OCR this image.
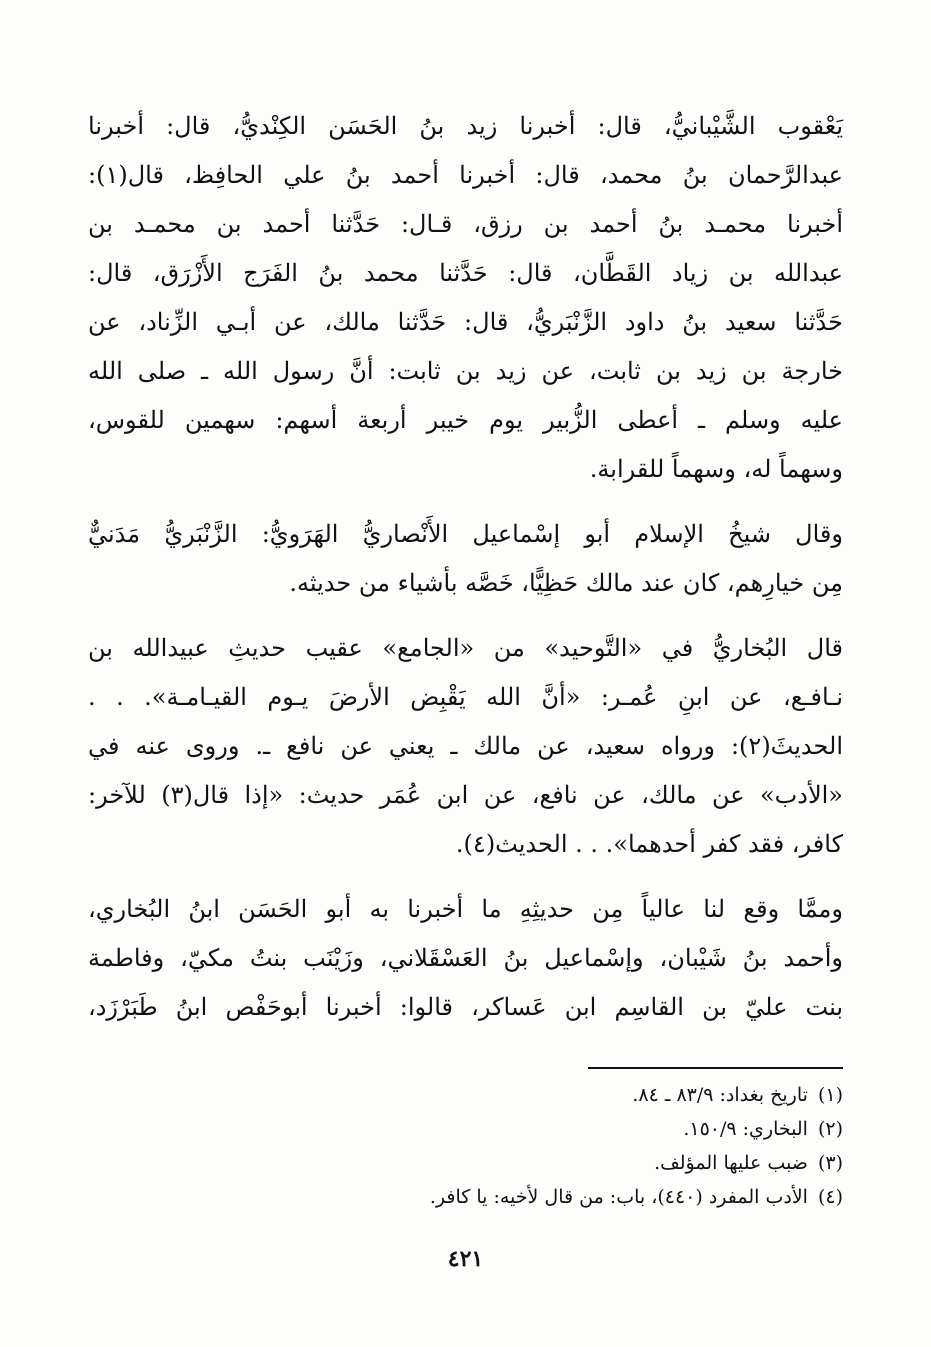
يَعْقوب الشَّيْبانيُّ، قال: أخبرنا زيد بنُ الحَسَن الكِنْديُّ، قال: أخبرنا
عبدالرَّحمان بنُ محمد، قال: أخبرنا أحمد بنُ علي الحافِظ، قال(١):
أخبرنا محمـد بنُ أحمد بن رزق، قـال: حَدَّثنا أحمد بن محمـد بن
عبدالله بن زياد القَطَّان، قال: حَدَّثنا محمد بنُ الفَرَج الأَزْرَق، قال:
حَدَّثنا سعيد بنُ داود الزَّنْبَريُّ، قال: حَدَّثنا مالك، عن أبـي الزِّناد، عن
خارجة بن زيد بن ثابت، عن زيد بن ثابت: أنَّ رسول الله ـ صلى الله
عليه وسلم ـ أعطى الزُّبير يوم خيبر أربعة أسهم: سهمين للقوس،
وسهماً له، وسهماً للقرابة.

وقال شيخُ الإسلام أبو إسْماعيل الأَنْصاريُّ الهَرَويُّ: الزَّنْبَريُّ مَدَنيٌّ
مِن خيارِهم، كان عند مالك حَظِيًّا، خَصَّه بأشياء من حديثه.

قال البُخاريُّ في «التَّوحيد» من «الجامع» عقيب حديثِ عبيدالله بن
نـافـع، عن ابنِ عُمـر: «أنَّ الله يَقْبِض الأرضَ يـوم القيـامـة». . .
الحديثَ(٢): ورواه سعيد، عن مالك ـ يعني عن نافع ـ. وروى عنه في
«الأدب» عن مالك، عن نافع، عن ابن عُمَر حديث: «إذا قال(٣) للآخر:
كافر، فقد كفر أحدهما». . . الحديث(٤).

وممَّا وقع لنا عالياً مِن حديثِهِ ما أخبرنا به أبو الحَسَن ابنُ البُخاري،
وأحمد بنُ شَيْبان، وإسْماعيل بنُ العَسْقَلاني، وزَيْنَب بنتُ مكيّ، وفاطمة
بنت عليّ بن القاسِم ابن عَساكر، قالوا: أخبرنا أبوحَفْص ابنُ طَبَرْزَد،

(١)تاريخ بغداد: ٨٣/٩ ـ ٨٤.

(٢)البخاري: ١٥٠/٩.

(٣)ضبب عليها المؤلف.

(٤)الأدب المفرد (٤٤٠)، باب: من قال لأخيه: يا كافر.

٤٢١
